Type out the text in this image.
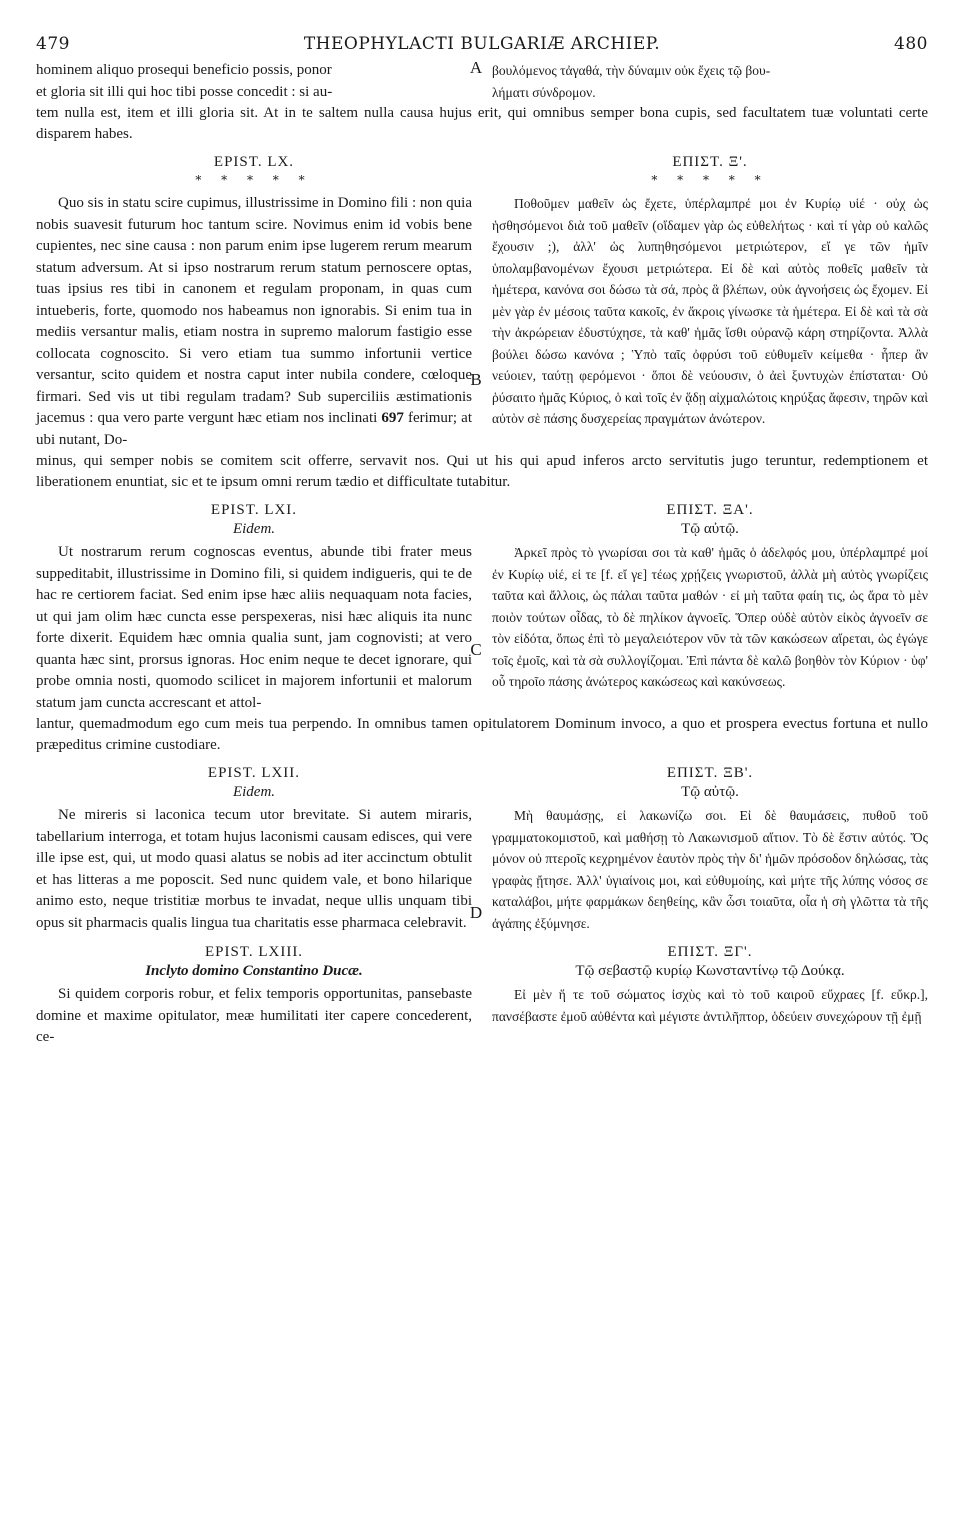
479	THEOPHYLACTI BULGARIÆ ARCHIEP.	480

hominem aliquo prosequi beneficio possis, ponor

et gloria sit illi qui hoc tibi posse concedit : si au-

A βουλόμενος τἀγαθά, τὴν δύναμιν οὐκ ἔχεις τῷ βου-

λήματι σύνδρομον.

tem nulla est, item et illi gloria sit. At in te saltem nulla causa hujus erit, qui omnibus semper bona cupis, sed facultatem tuæ voluntati certe disparem habes.

EPIST. LX.
* * * * *

Quo sis in statu scire cupimus, illustrissime in Domino fili : non quia nobis suavesit futurum hoc tantum scire. Novimus enim id vobis bene cupientes, nec sine causa : non parum enim ipse lugerem rerum mearum statum adversum. At si ipso nostrarum rerum statum pernoscere optas, tuas ipsius res tibi in canonem et regulam proponam, in quas cum intueberis, forte, quomodo nos habeamus non ignorabis. Si enim tua in mediis versantur malis, etiam nostra in supremo malorum fastigio esse collocata cognoscito. Si vero etiam tua summo infortunii vertice versantur, scito quidem et nostra caput inter nubila condere, cœloque firmari. Sed vis ut tibi regulam tradam? Sub superciliis æstimationis jacemus : qua vero parte vergunt hæc etiam nos inclinati 697 ferimur; at ubi nutant, Do-

B
ΕΠΙΣΤ. Ξ'.
* * * * *

Ποθοῦμεν μαθεῖν ὡς ἔχετε, ὑπέρλαμπρέ μοι ἐν Κυρίῳ υἱέ · οὐχ ὡς ἡσθησόμενοι διὰ τοῦ μαθεῖν (οἴδαμεν γὰρ ὡς εὐθελήτως · καὶ τί γὰρ οὐ καλῶς ἔχουσιν ;), ἀλλ' ὡς λυπηθησόμενοι μετριώτερον, εἴ γε τῶν ἡμῖν ὑπολαμβανομένων ἔχουσι μετριώτερα. Εἰ δὲ καὶ αὐτὸς ποθεῖς μαθεῖν τὰ ἡμέτερα, κανόνα σοι δώσω τὰ σά, πρὸς ἃ βλέπων, οὐκ ἀγνοήσεις ὡς ἔχομεν. Εἰ μὲν γὰρ ἐν μέσοις ταῦτα κακοῖς, ἐν ἄκροις γίνωσκε τὰ ἡμέτερα. Εἰ δὲ καὶ τὰ σὰ τὴν ἀκρώρειαν ἐδυστύχησε, τὰ καθ' ἡμᾶς ἴσθι οὐρανῷ κάρη στηρίζοντα. Ἀλλὰ βούλει δώσω κανόνα ; Ὑπὸ ταῖς ὀφρύσι τοῦ εὐθυμεῖν κείμεθα · ἧπερ ἂν νεύοιεν, ταύτῃ φερόμενοι · ὅποι δὲ νεύουσιν, ὁ ἀεὶ ξυντυχὼν ἐπίσταται· Οὐ ῥύσαιτο ἡμᾶς Κύριος, ὁ καὶ τοῖς ἐν ᾅδῃ αἰχμαλώτοις κηρύξας ἄφεσιν, τηρῶν καὶ αὐτὸν σὲ πάσης δυσχερείας πραγμάτων ἀνώτερον.

minus, qui semper nobis se comitem scit offerre, servavit nos. Qui ut his qui apud inferos arcto servitutis jugo teruntur, redemptionem et liberationem enuntiat, sic et te ipsum omni rerum tædio et difficultate tutabitur.

EPIST. LXI.
Eidem.

Ut nostrarum rerum cognoscas eventus, abunde tibi frater meus suppeditabit, illustrissime in Domino fili, si quidem indigueris, qui te de hac re certiorem faciat. Sed enim ipse hæc aliis nequaquam nota facies, ut qui jam olim hæc cuncta esse perspexeras, nisi hæc aliquis ita nunc forte dixerit. Equidem hæc omnia qualia sunt, jam cognovisti; at vero quanta hæc sint, prorsus ignoras. Hoc enim neque te decet ignorare, qui probe omnia nosti, quomodo scilicet in majorem infortunii et malorum statum jam cuncta accrescant et attol-

C
ΕΠΙΣΤ. ΞΑ'.
Τῷ αὐτῷ.

Ἀρκεῖ πρὸς τὸ γνωρίσαι σοι τὰ καθ' ἡμᾶς ὁ ἀδελφός μου, ὑπέρλαμπρέ μοί ἐν Κυρίῳ υἱέ, εἰ τε [f. εἴ γε] τέως χρῄζεις γνωριστοῦ, ἀλλὰ μὴ αὐτὸς γνωρίζεις ταῦτα καὶ ἄλλοις, ὡς πάλαι ταῦτα μαθών · εἰ μὴ ταῦτα φαίη τις, ὡς ἄρα τὸ μὲν ποιὸν τούτων οἶδας, τὸ δὲ πηλίκον ἀγνοεῖς. Ὅπερ οὐδὲ αὐτὸν εἰκὸς ἀγνοεῖν σε τὸν εἰδότα, ὅπως ἐπὶ τὸ μεγαλειότερον νῦν τὰ τῶν κακώσεων αἴρεται, ὡς ἐγώγε τοῖς ἐμοῖς, καὶ τὰ σὰ συλλογίζομαι. Ἐπὶ πάντα δὲ καλῶ βοηθὸν τὸν Κύριον · ὑφ' οὗ τηροῖο πάσης ἀνώτερος κακώσεως καὶ κακύνσεως.

lantur, quemadmodum ego cum meis tua perpendo. In omnibus tamen opitulatorem Dominum invoco, a quo et prospera evectus fortuna et nullo præpeditus crimine custodiare.

EPIST. LXII.
Eidem.

Ne mireris si laconica tecum utor brevitate. Si autem miraris, tabellarium interroga, et totam hujus laconismi causam edisces, qui vere ille ipse est, qui, ut modo quasi alatus se nobis ad iter accinctum obtulit et has litteras a me poposcit. Sed nunc quidem vale, et bono hilarique animo esto, neque tristitiæ morbus te invadat, neque ullis unquam tibi opus sit pharmacis qualis lingua tua charitatis esse pharmaca celebravit.

D
ΕΠΙΣΤ. ΞΒ'.
Τῷ αὐτῷ.

Μὴ θαυμάσῃς, εἰ λακωνίζω σοι. Εἰ δὲ θαυμάσεις, πυθοῦ τοῦ γραμματοκομιστοῦ, καὶ μαθήσῃ τὸ Λακωνισμοῦ αἴτιον. Τὸ δὲ ἔστιν αὐτός. Ὅς μόνον οὐ πτεροῖς κεχρημένον ἑαυτὸν πρὸς τὴν δι' ἡμῶν πρόσοδον δηλώσας, τὰς γραφὰς ᾔτησε. Ἀλλ' ὑγιαίνοις μοι, καὶ εὐθυμοίης, καὶ μήτε τῆς λύπης νόσος σε καταλάβοι, μήτε φαρμάκων δεηθείης, κἂν ὧσι τοιαῦτα, οἷα ἡ σὴ γλῶττα τὰ τῆς ἀγάπης ἐξύμνησε.

EPIST. LXIII.
Inclyto domino Constantino Ducæ.

Si quidem corporis robur, et felix temporis opportunitas, pansebaste domine et maxime opitulator, meæ humilitati iter capere concederent, ce-

ΕΠΙΣΤ. ΞΓ'.
Τῷ σεβαστῷ κυρίῳ Κωνσταντίνῳ τῷ Δούκᾳ.

Εἰ μὲν ἥ τε τοῦ σώματος ἰσχὺς καὶ τὸ τοῦ καιροῦ εὔχραες [f. εὔκρ.], πανσέβαστε ἐμοῦ αὐθέντα καὶ μέγιστε ἀντιλῆπτορ, ὁδεύειν συνεχώρουν τῇ ἐμῇ
